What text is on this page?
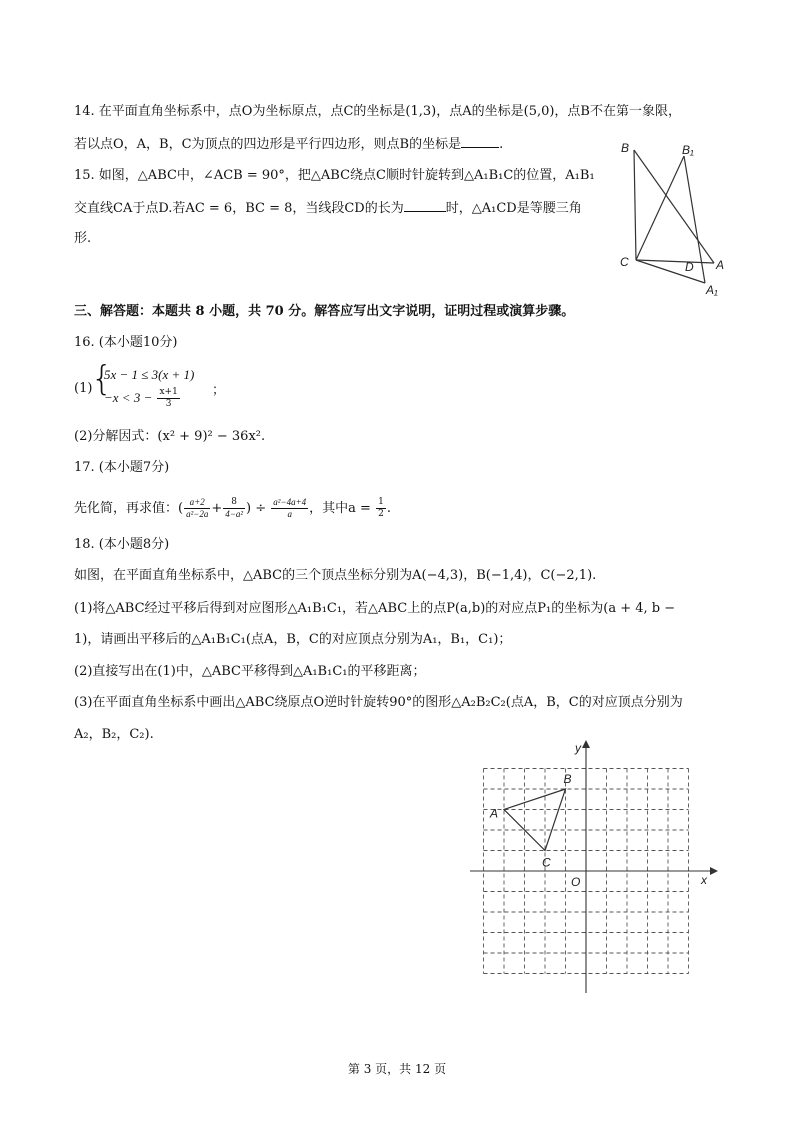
14. 在平面直角坐标系中，点O为坐标原点，点C的坐标是(1,3)，点A的坐标是(5,0)，点B不在第一象限，
若以点O，A，B，C为顶点的四边形是平行四边形，则点B的坐标是	.
15. 如图，△ABC中，∠ACB = 90°，把△ABC绕点C顺时针旋转到△A₁B₁C的位置，A₁B₁
交直线CA于点D.若AC = 6，BC = 8，当线段CD的长为	时，△A₁CD是等腰三角
形.
B	B₁
C	D A
A₁
三、解答题：本题共 8 小题，共 70 分。解答应写出文字说明，证明过程或演算步骤。
16. (本小题10分)
(1)
{
5x − 1 ≤ 3(x + 1)
$-x < 3 - \frac{x+1}{3}$ ；
(2)分解因式：(x² + 9)² − 36x².
17. (本小题7分)
先化简，再求值：( $\frac{a+2}{\text{a²−2a}} + \frac{8}{\text{4−a²}}$ ) ÷ $\frac{\text{a²−4a+4}}{a}$ ，其中$a = \frac{1}{2}$ .
18. (本小题8分)
如图，在平面直角坐标系中，△ABC的三个顶点坐标分别为A(−4,3)，B(−1,4)，C(−2,1).
(1)将△ABC经过平移后得到对应图形△A₁B₁C₁，若△ABC上的点P(a,b)的对应点P₁的坐标为(a + 4, b −
1)，请画出平移后的△A₁B₁C₁(点A，B，C的对应顶点分别为A₁，B₁，C₁)；
(2)直接写出在(1)中，△ABC平移得到△A₁B₁C₁的平移距离；
(3)在平面直角坐标系中画出△ABC绕原点O逆时针旋转90°的图形△A₂B₂C₂(点A，B，C的对应顶点分别为
A₂，B₂，C₂).
x
y
O
A
B
C
第 3 页，共 12 页
